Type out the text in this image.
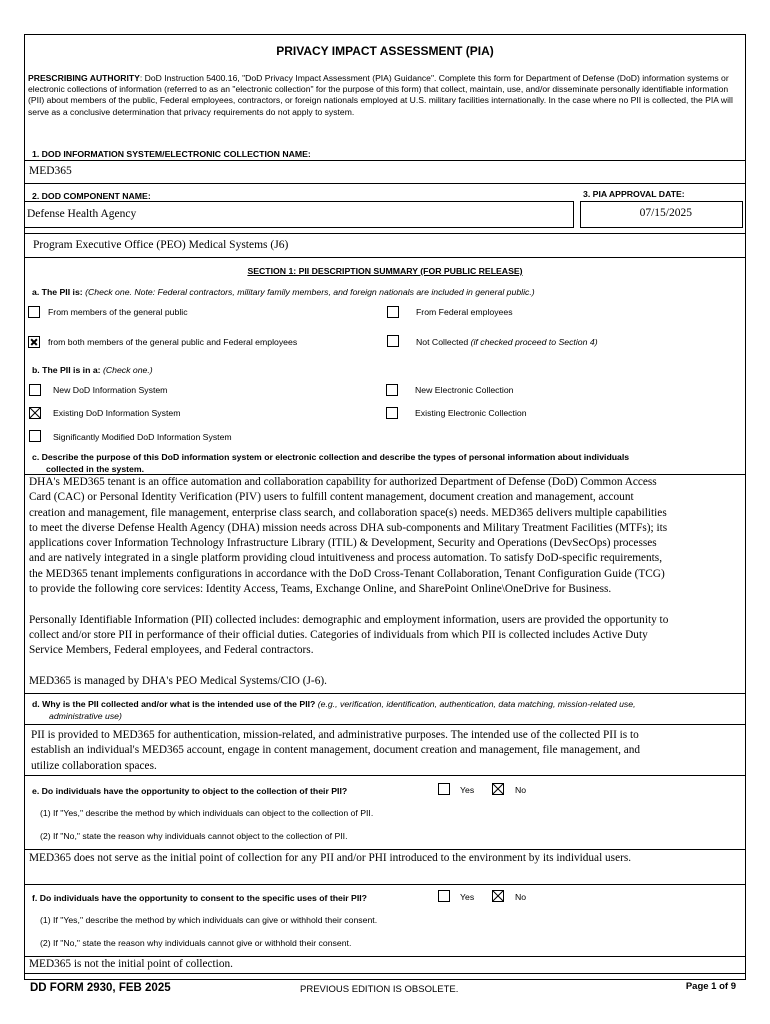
PRIVACY IMPACT ASSESSMENT (PIA)
PRESCRIBING AUTHORITY: DoD Instruction 5400.16, "DoD Privacy Impact Assessment (PIA) Guidance". Complete this form for Department of Defense (DoD) information systems or electronic collections of information (referred to as an "electronic collection" for the purpose of this form) that collect, maintain, use, and/or disseminate personally identifiable information (PII) about members of the public, Federal employees, contractors, or foreign nationals employed at U.S. military facilities internationally. In the case where no PII is collected, the PIA will serve as a conclusive determination that privacy requirements do not apply to system.
1. DOD INFORMATION SYSTEM/ELECTRONIC COLLECTION NAME:
MED365
2. DOD COMPONENT NAME:	3. PIA APPROVAL DATE:
Defense Health Agency	07/15/2025
Program Executive Office (PEO) Medical Systems (J6)
SECTION 1: PII DESCRIPTION SUMMARY (FOR PUBLIC RELEASE)
a. The PII is: (Check one. Note: Federal contractors, military family members, and foreign nationals are included in general public.)
From members of the general public	From Federal employees
from both members of the general public and Federal employees	Not Collected (if checked proceed to Section 4)
b. The PII is in a: (Check one.)
New DoD Information System	New Electronic Collection
Existing DoD Information System	Existing Electronic Collection
Significantly Modified DoD Information System
c. Describe the purpose of this DoD information system or electronic collection and describe the types of personal information about individuals
collected in the system.
DHA's MED365 tenant is an office automation and collaboration capability for authorized Department of Defense (DoD) Common Access
Card (CAC) or Personal Identity Verification (PIV) users to fulfill content management, document creation and management, account
creation and management, file management, enterprise class search, and collaboration space(s) needs. MED365 delivers multiple capabilities
to meet the diverse Defense Health Agency (DHA) mission needs across DHA sub-components and Military Treatment Facilities (MTFs); its
applications cover Information Technology Infrastructure Library (ITIL) & Development, Security and Operations (DevSecOps) processes
and are natively integrated in a single platform providing cloud intuitiveness and process automation. To satisfy DoD-specific requirements,
the MED365 tenant implements configurations in accordance with the DoD Cross-Tenant Collaboration, Tenant Configuration Guide (TCG)
to provide the following core services: Identity Access, Teams, Exchange Online, and SharePoint Online\OneDrive for Business.
Personally Identifiable Information (PII) collected includes: demographic and employment information, users are provided the opportunity to
collect and/or store PII in performance of their official duties. Categories of individuals from which PII is collected includes Active Duty
Service Members, Federal employees, and Federal contractors.
MED365 is managed by DHA's PEO Medical Systems/CIO (J-6).
d. Why is the PII collected and/or what is the intended use of the PII? (e.g., verification, identification, authentication, data matching, mission-related use,
administrative use)
PII is provided to MED365 for authentication, mission-related, and administrative purposes. The intended use of the collected PII is to
establish an individual's MED365 account, engage in content management, document creation and management, file management, and
utilize collaboration spaces.
e. Do individuals have the opportunity to object to the collection of their PII?	Yes	No
(1) If "Yes," describe the method by which individuals can object to the collection of PII.
(2) If "No," state the reason why individuals cannot object to the collection of PII.
MED365 does not serve as the initial point of collection for any PII and/or PHI introduced to the environment by its individual users.
f. Do individuals have the opportunity to consent to the specific uses of their PII?	Yes	No
(1) If "Yes," describe the method by which individuals can give or withhold their consent.
(2) If "No," state the reason why individuals cannot give or withhold their consent.
MED365 is not the initial point of collection.
DD FORM 2930, FEB 2025	PREVIOUS EDITION IS OBSOLETE.	Page 1 of 9
